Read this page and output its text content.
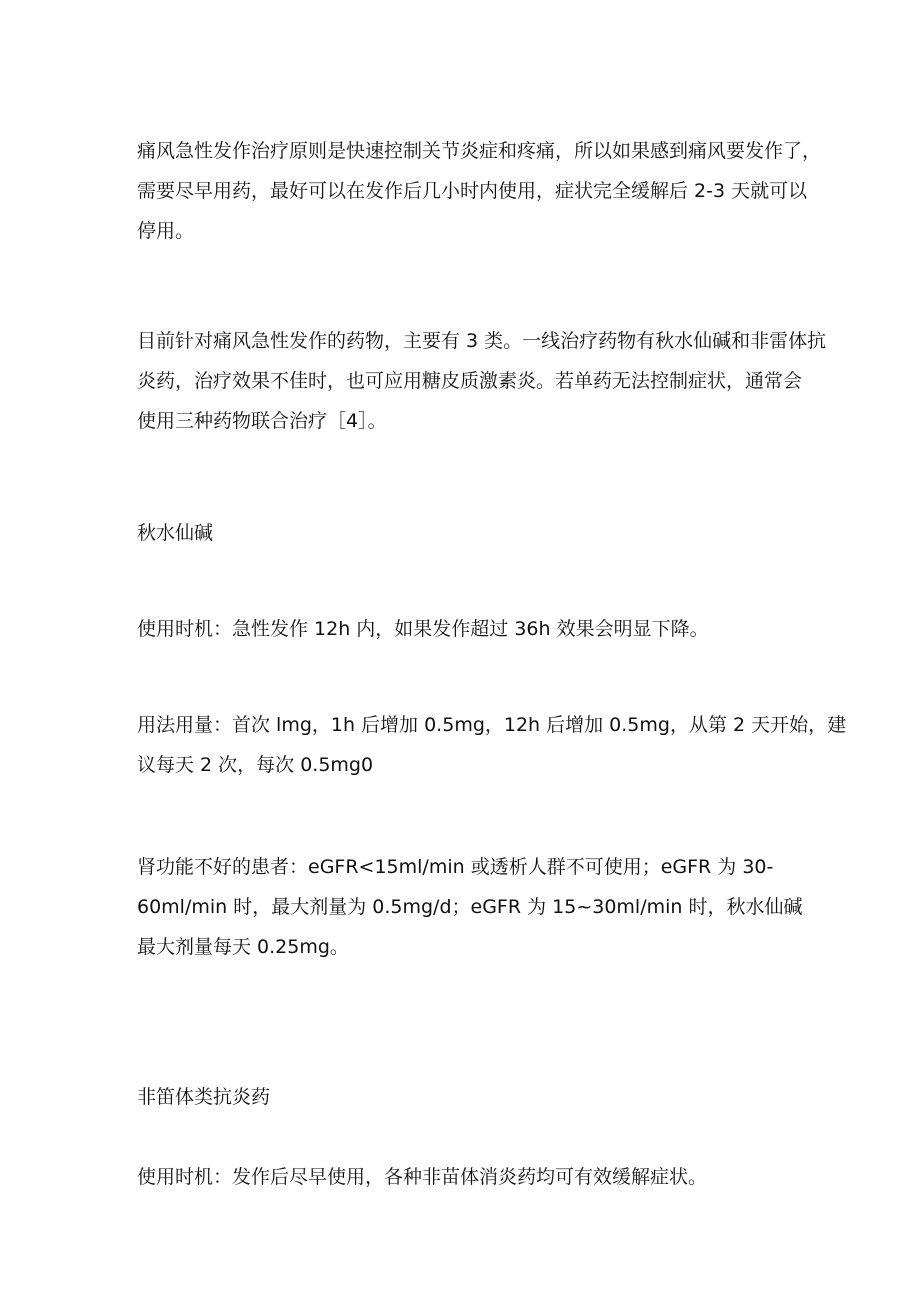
痛风急性发作治疗原则是快速控制关节炎症和疼痛，所以如果感到痛风要发作了，
需要尽早用药，最好可以在发作后几小时内使用，症状完全缓解后 2-3 天就可以
停用。

目前针对痛风急性发作的药物，主要有 3 类。一线治疗药物有秋水仙碱和非雷体抗
炎药，治疗效果不佳时，也可应用糖皮质激素炎。若单药无法控制症状，通常会
使用三种药物联合治疗［4］。

秋水仙碱

使用时机：急性发作 12h 内，如果发作超过 36h 效果会明显下降。

用法用量：首次 lmg，1h 后增加 0.5mg，12h 后增加 0.5mg，从第 2 天开始，建
议每天 2 次，每次 0.5mg0

肾功能不好的患者：eGFR<15ml/min 或透析人群不可使用；eGFR 为 30-
60ml/min 时，最大剂量为 0.5mg/d；eGFR 为 15~30ml/min 时，秋水仙碱
最大剂量每天 0.25mg。

非笛体类抗炎药

使用时机：发作后尽早使用，各种非苗体消炎药均可有效缓解症状。
